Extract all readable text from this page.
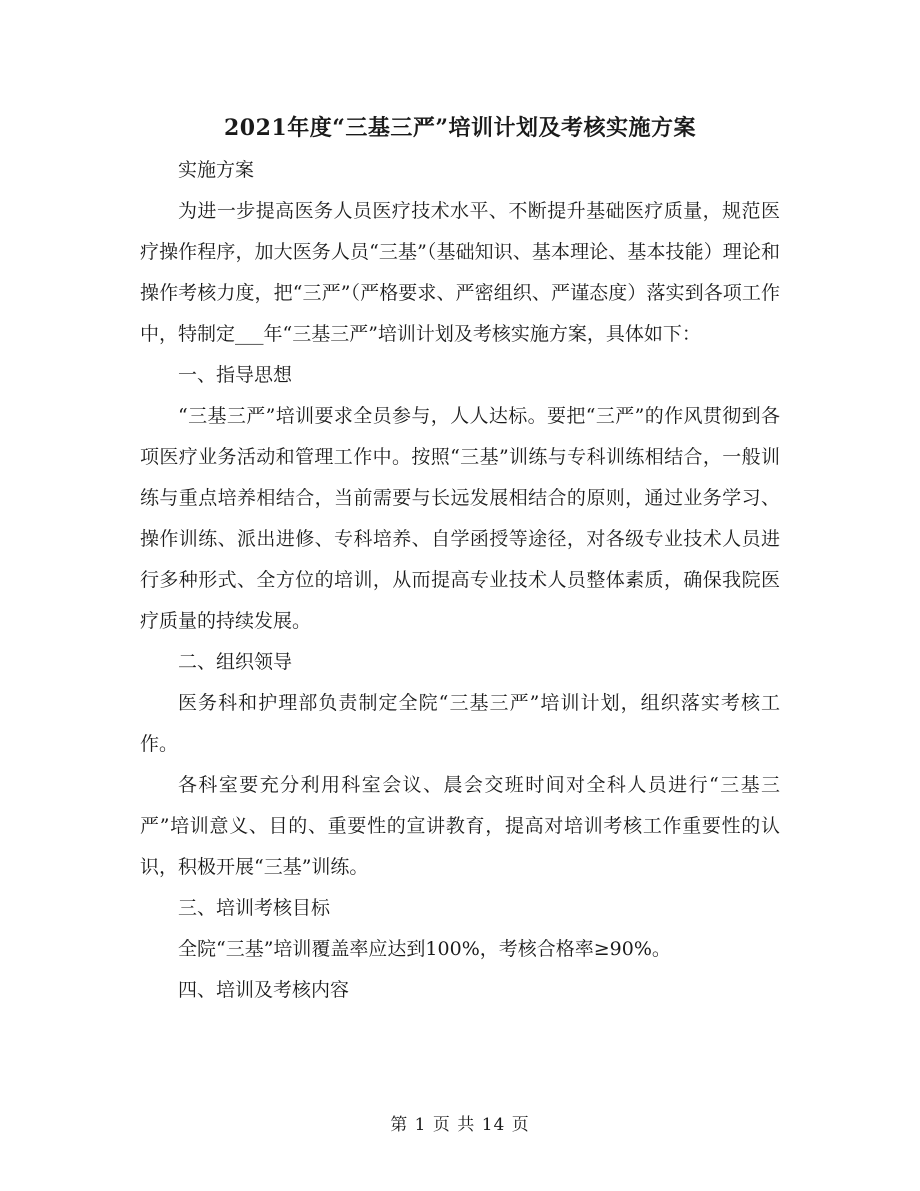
2021年度“三基三严”培训计划及考核实施方案

实施方案

为进一步提高医务人员医疗技术水平、不断提升基础医疗质量，规范医疗操作程序，加大医务人员“三基”（基础知识、基本理论、基本技能）理论和操作考核力度，把“三严”（严格要求、严密组织、严谨态度）落实到各项工作中，特制定___年“三基三严”培训计划及考核实施方案，具体如下：

一、指导思想

“三基三严”培训要求全员参与，人人达标。要把“三严”的作风贯彻到各项医疗业务活动和管理工作中。按照“三基”训练与专科训练相结合，一般训练与重点培养相结合，当前需要与长远发展相结合的原则，通过业务学习、操作训练、派出进修、专科培养、自学函授等途径，对各级专业技术人员进行多种形式、全方位的培训，从而提高专业技术人员整体素质，确保我院医疗质量的持续发展。

二、组织领导

医务科和护理部负责制定全院“三基三严”培训计划，组织落实考核工作。

各科室要充分利用科室会议、晨会交班时间对全科人员进行“三基三严”培训意义、目的、重要性的宣讲教育，提高对培训考核工作重要性的认识，积极开展“三基”训练。

三、培训考核目标

全院“三基”培训覆盖率应达到100%，考核合格率≥90%。

四、培训及考核内容

第 1 页 共 14 页
